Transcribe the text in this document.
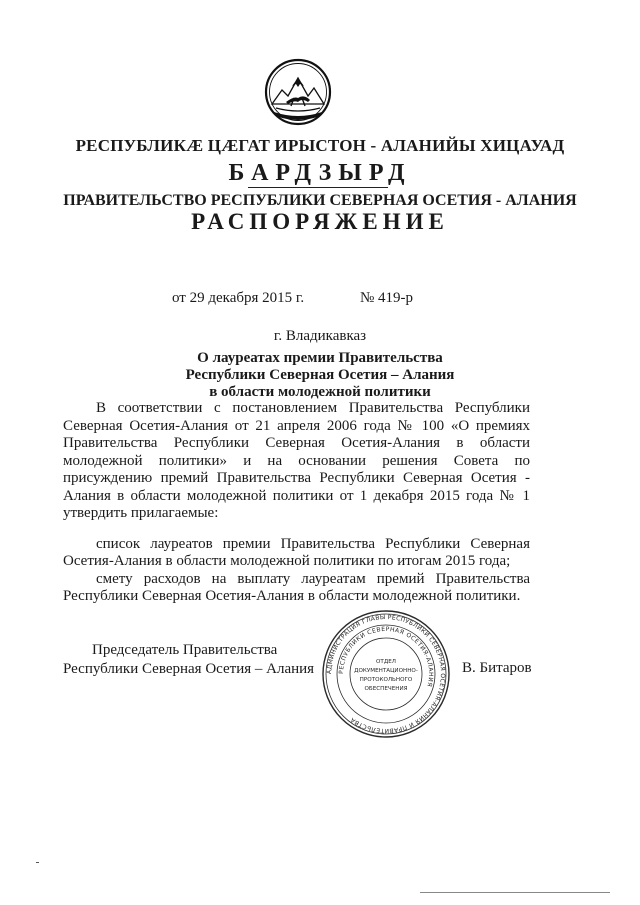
РЕСПУБЛИКÆ ЦÆГАТ ИРЫСТОН - АЛАНИЙЫ ХИЦАУАД
БАРДЗЫРД
ПРАВИТЕЛЬСТВО РЕСПУБЛИКИ СЕВЕРНАЯ ОСЕТИЯ - АЛАНИЯ
РАСПОРЯЖЕНИЕ
от 29 декабря 2015 г.	№ 419-р
г. Владикавказ
О лауреатах премии Правительства
Республики Северная Осетия – Алания
в области молодежной политики

В соответствии с постановлением Правительства Республики Северная Осетия-Алания от 21 апреля 2006 года № 100 «О премиях Правительства Республики Северная Осетия-Алания в области молодежной политики» и на основании решения Совета по присуждению премий Правительства Республики Северная Осетия - Алания в области молодежной политики от 1 декабря 2015 года № 1 утвердить прилагаемые:

список лауреатов премии Правительства Республики Северная Осетия-Алания в области молодежной политики по итогам 2015 года;

смету расходов на выплату лауреатам премий Правительства Республики Северная Осетия-Алания в области молодежной политики.

Председатель Правительства
Республики Северная Осетия – Алания АДМИНИСТРАЦИЯ ГЛАВЫ РЕСПУБЛИКИ СЕВЕРНАЯ ОСЕТИЯ-АЛАНИЯ И ПРАВИТЕЛЬСТВА
РЕСПУБЛИКИ СЕВЕРНАЯ ОСЕТИЯ-АЛАНИЯ
ОТДЕЛ
ДОКУМЕНТАЦИОННО-
ПРОТОКОЛЬНОГО
ОБЕСПЕЧЕНИЯ
В. Битаров
